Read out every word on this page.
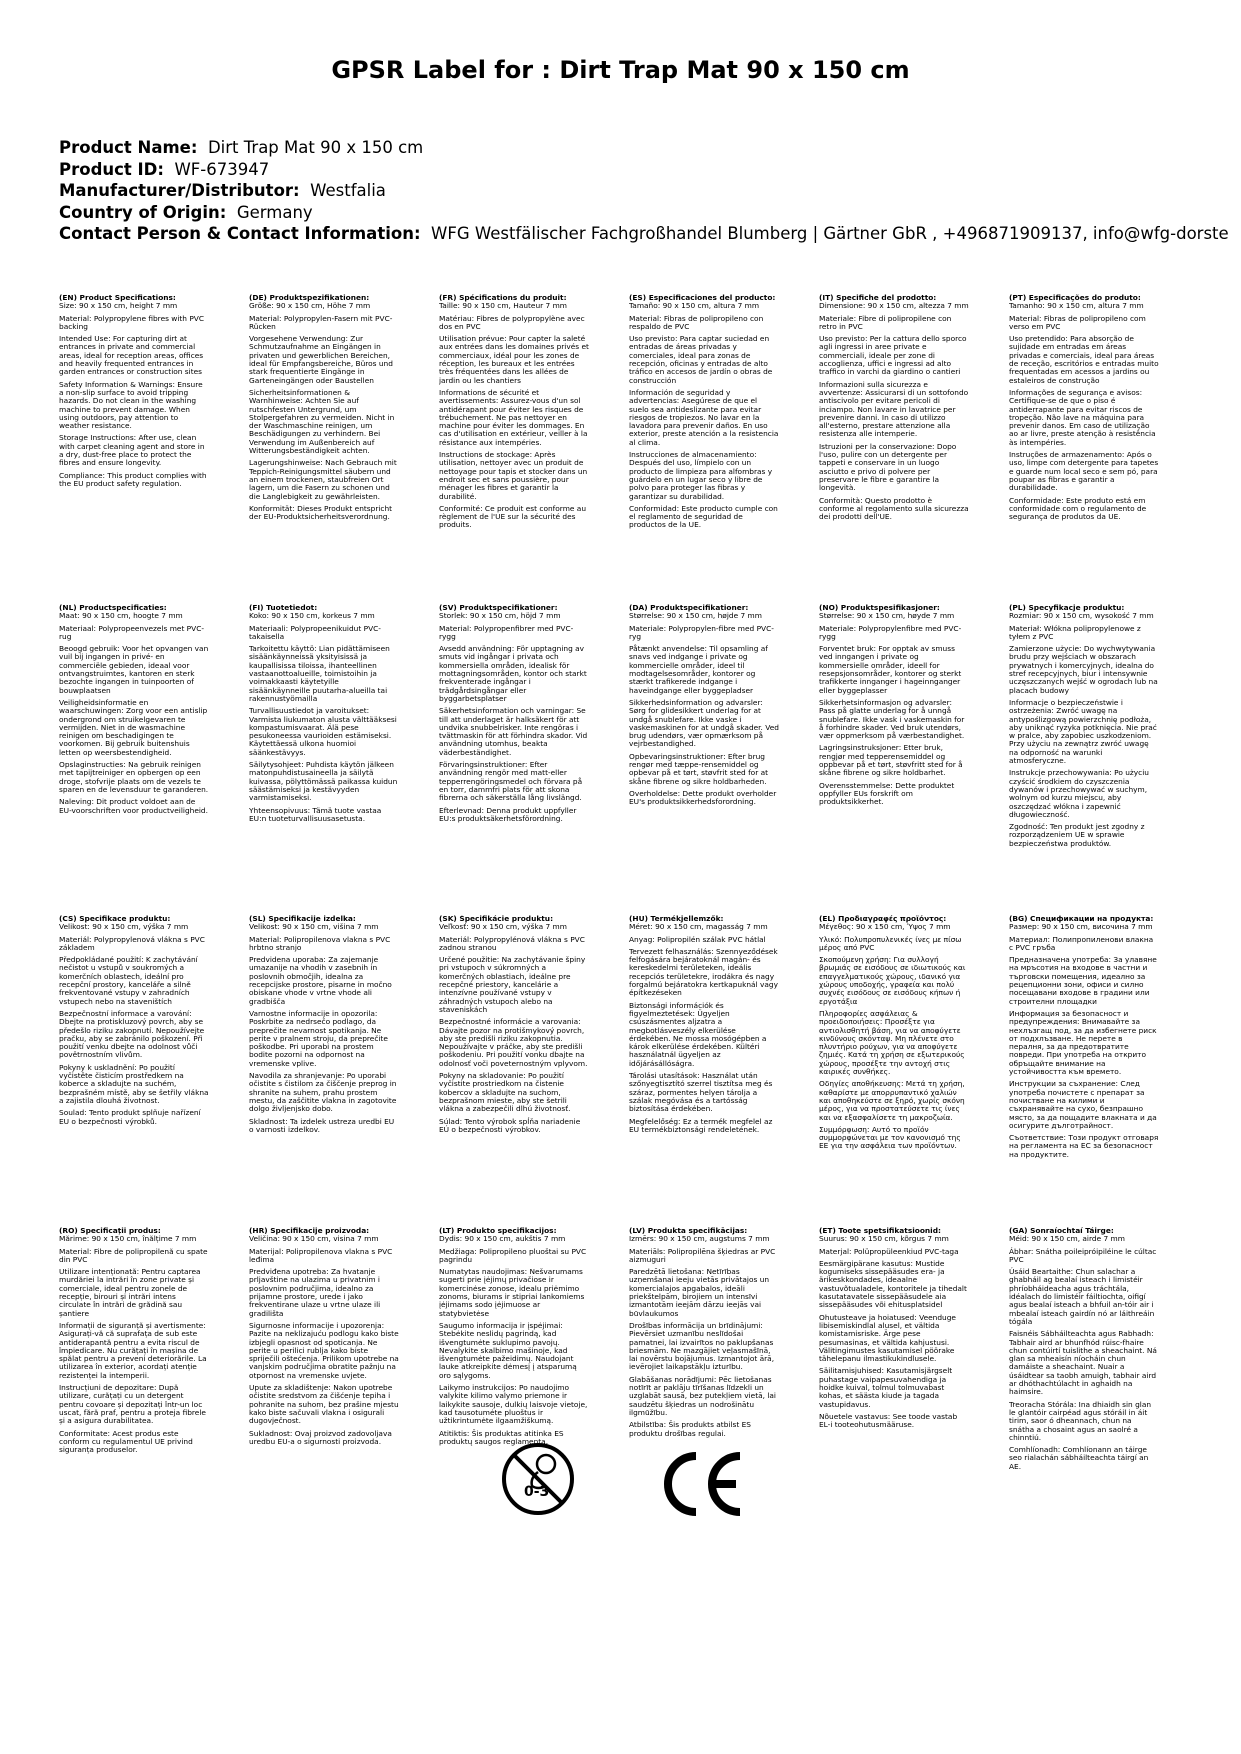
GPSR Label for : Dirt Trap Mat 90 x 150 cm
Product Name: Dirt Trap Mat 90 x 150 cm
Product ID: WF-673947
Manufacturer/Distributor: Westfalia
Country of Origin: Germany
Contact Person & Contact Information: WFG Westfälischer Fachgroßhandel Blumberg | Gärtner GbR , +496871909137, info@wfg-dorste
(EN) Product Specifications:

Size: 90 x 150 cm, height 7 mm

Material: Polypropylene fibres with PVC backing

Intended Use: For capturing dirt at entrances in private and commercial areas, ideal for reception areas, offices and heavily frequented entrances in garden entrances or construction sites

Safety Information & Warnings: Ensure a non-slip surface to avoid tripping hazards. Do not clean in the washing machine to prevent damage. When using outdoors, pay attention to weather resistance.

Storage Instructions: After use, clean with carpet cleaning agent and store in a dry, dust-free place to protect the fibres and ensure longevity.

Compliance: This product complies with the EU product safety regulation.

(DE) Produktspezifikationen:

Größe: 90 x 150 cm, Höhe 7 mm

Material: Polypropylen-Fasern mit PVC-Rücken

Vorgesehene Verwendung: Zur Schmutzaufnahme an Eingängen in privaten und gewerblichen Bereichen, ideal für Empfangsbereiche, Büros und stark frequentierte Eingänge in Garteneingängen oder Baustellen

Sicherheitsinformationen & Warnhinweise: Achten Sie auf rutschfesten Untergrund, um Stolpergefahren zu vermeiden. Nicht in der Waschmaschine reinigen, um Beschädigungen zu verhindern. Bei Verwendung im Außenbereich auf Witterungsbeständigkeit achten.

Lagerungshinweise: Nach Gebrauch mit Teppich-Reinigungsmittel säubern und an einem trockenen, staubfreien Ort lagern, um die Fasern zu schonen und die Langlebigkeit zu gewährleisten.

Konformität: Dieses Produkt entspricht der EU-Produktsicherheitsverordnung.

(FR) Spécifications du produit:

Taille: 90 x 150 cm, Hauteur 7 mm

Matériau: Fibres de polypropylène avec dos en PVC

Utilisation prévue: Pour capter la saleté aux entrées dans les domaines privés et commerciaux, idéal pour les zones de réception, les bureaux et les entrées très fréquentées dans les allées de jardin ou les chantiers

Informations de sécurité et avertissements: Assurez-vous d'un sol antidérapant pour éviter les risques de trébuchement. Ne pas nettoyer en machine pour éviter les dommages. En cas d'utilisation en extérieur, veiller à la résistance aux intempéries.

Instructions de stockage: Après utilisation, nettoyer avec un produit de nettoyage pour tapis et stocker dans un endroit sec et sans poussière, pour ménager les fibres et garantir la durabilité.

Conformité: Ce produit est conforme au règlement de l'UE sur la sécurité des produits.

(ES) Especificaciones del producto:

Tamaño: 90 x 150 cm, altura 7 mm

Material: Fibras de polipropileno con respaldo de PVC

Uso previsto: Para captar suciedad en entradas de áreas privadas y comerciales, ideal para zonas de recepción, oficinas y entradas de alto tráfico en accesos de jardín o obras de construcción

Información de seguridad y advertencias: Asegúrese de que el suelo sea antideslizante para evitar riesgos de tropiezos. No lavar en la lavadora para prevenir daños. En uso exterior, preste atención a la resistencia al clima.

Instrucciones de almacenamiento: Después del uso, límpielo con un producto de limpieza para alfombras y guárdelo en un lugar seco y libre de polvo para proteger las fibras y garantizar su durabilidad.

Conformidad: Este producto cumple con el reglamento de seguridad de productos de la UE.

(IT) Specifiche del prodotto:

Dimensione: 90 x 150 cm, altezza 7 mm

Materiale: Fibre di polipropilene con retro in PVC

Uso previsto: Per la cattura dello sporco agli ingressi in aree private e commerciali, ideale per zone di accoglienza, uffici e ingressi ad alto traffico in varchi da giardino o cantieri

Informazioni sulla sicurezza e avvertenze: Assicurarsi di un sottofondo antiscivolo per evitare pericoli di inciampo. Non lavare in lavatrice per prevenire danni. In caso di utilizzo all'esterno, prestare attenzione alla resistenza alle intemperie.

Istruzioni per la conservazione: Dopo l'uso, pulire con un detergente per tappeti e conservare in un luogo asciutto e privo di polvere per preservare le fibre e garantire la longevità.

Conformità: Questo prodotto è conforme al regolamento sulla sicurezza dei prodotti dell'UE.

(PT) Especificações do produto:

Tamanho: 90 x 150 cm, altura 7 mm

Material: Fibras de polipropileno com verso em PVC

Uso pretendido: Para absorção de sujidade em entradas em áreas privadas e comerciais, ideal para áreas de receção, escritórios e entradas muito frequentadas em acessos a jardins ou estaleiros de construção

Informações de segurança e avisos: Certifique-se de que o piso é antiderrapante para evitar riscos de tropeção. Não lave na máquina para prevenir danos. Em caso de utilização ao ar livre, preste atenção à resistência às intempéries.

Instruções de armazenamento: Após o uso, limpe com detergente para tapetes e guarde num local seco e sem pó, para poupar as fibras e garantir a durabilidade.

Conformidade: Este produto está em conformidade com o regulamento de segurança de produtos da UE.

(NL) Productspecificaties:

Maat: 90 x 150 cm, hoogte 7 mm

Materiaal: Polypropeenvezels met PVC-rug

Beoogd gebruik: Voor het opvangen van vuil bij ingangen in privé- en commerciële gebieden, ideaal voor ontvangstruimtes, kantoren en sterk bezochte ingangen in tuinpoorten of bouwplaatsen

Veiligheidsinformatie en waarschuwingen: Zorg voor een antislip ondergrond om struikelgevaren te vermijden. Niet in de wasmachine reinigen om beschadigingen te voorkomen. Bij gebruik buitenshuis letten op weersbestendigheid.

Opslaginstructies: Na gebruik reinigen met tapijtreiniger en opbergen op een droge, stofvrije plaats om de vezels te sparen en de levensduur te garanderen.

Naleving: Dit product voldoet aan de EU-voorschriften voor productveiligheid.

(FI) Tuotetiedot:

Koko: 90 x 150 cm, korkeus 7 mm

Materiaali: Polypropeenikuidut PVC-takaisella

Tarkoitettu käyttö: Lian pidättämiseen sisäänkäynneissä yksityisissä ja kaupallisissa tiloissa, ihanteellinen vastaanottoalueille, toimistoihin ja voimakkaasti käytetyille sisäänkäynneille puutarha-alueilla tai rakennustyömailla

Turvallisuustiedot ja varoitukset: Varmista liukumaton alusta välttääksesi kompastumisvaarat. Älä pese pesukoneessa vaurioiden estämiseksi. Käytettäessä ulkona huomioi säänkestävyys.

Säilytysohjeet: Puhdista käytön jälkeen matonpuhdistusaineella ja säilytä kuivassa, pölyttömässä paikassa kuidun säästämiseksi ja kestävyyden varmistamiseksi.

Yhteensopivuus: Tämä tuote vastaa EU:n tuoteturvallisuusasetusta.

(SV) Produktspecifikationer:

Storlek: 90 x 150 cm, höjd 7 mm

Material: Polypropenfibrer med PVC-rygg

Avsedd användning: För upptagning av smuts vid ingångar i privata och kommersiella områden, idealisk för mottagningsområden, kontor och starkt frekventerade ingångar i trädgårdsingångar eller byggarbetsplatser

Säkerhetsinformation och varningar: Se till att underlaget är halksäkert för att undvika snubbelrisker. Inte rengöras i tvättmaskin för att förhindra skador. Vid användning utomhus, beakta väderbeständighet.

Förvaringsinstruktioner: Efter användning rengör med matt-eller tepperrengöringsmedel och förvara på en torr, dammfri plats för att skona fibrerna och säkerställa lång livslängd.

Efterlevnad: Denna produkt uppfyller EU:s produktsäkerhetsförordning.

(DA) Produktspecifikationer:

Størrelse: 90 x 150 cm, højde 7 mm

Materiale: Polypropylen-fibre med PVC-ryg

Påtænkt anvendelse: Til opsamling af snavs ved indgange i private og kommercielle områder, ideel til modtagelsesområder, kontorer og stærkt trafikerede indgange i haveindgange eller byggepladser

Sikkerhedsinformation og advarsler: Sørg for glidesikkert underlag for at undgå snublefare. Ikke vaske i vaskemaskinen for at undgå skader. Ved brug udendørs, vær opmærksom på vejrbestandighed.

Opbevaringsinstruktioner: Efter brug rengør med tæppe-rensemiddel og opbevar på et tørt, støvfrit sted for at skåne fibrene og sikre holdbarheden.

Overholdelse: Dette produkt overholder EU's produktsikkerhedsforordning.

(NO) Produktspesifikasjoner:

Størrelse: 90 x 150 cm, høyde 7 mm

Materiale: Polypropylenfibre med PVC-rygg

Forventet bruk: For opptak av smuss ved inngangen i private og kommersielle områder, ideell for resepsjonsområder, kontorer og sterkt trafikkerte innganger i hageinnganger eller byggeplasser

Sikkerhetsinformasjon og advarsler: Pass på glatte underlag for å unngå snublefare. Ikke vask i vaskemaskin for å forhindre skader. Ved bruk utendørs, vær oppmerksom på værbestandighet.

Lagringsinstruksjoner: Etter bruk, rengjør med tepperensemiddel og oppbevar på et tørt, støvfritt sted for å skåne fibrene og sikre holdbarhet.

Overensstemmelse: Dette produktet oppfyller EUs forskrift om produktsikkerhet.

(PL) Specyfikacje produktu:

Rozmiar: 90 x 150 cm, wysokość 7 mm

Materiał: Włókna polipropylenowe z tyłem z PVC

Zamierzone użycie: Do wychwytywania brudu przy wejściach w obszarach prywatnych i komercyjnych, idealna do stref recepcyjnych, biur i intensywnie uczęszczanych wejść w ogrodach lub na placach budowy

Informacje o bezpieczeństwie i ostrzeżenia: Zwróć uwagę na antypoślizgową powierzchnię podłoża, aby uniknąć ryzyka potknięcia. Nie prać w pralce, aby zapobiec uszkodzeniom. Przy użyciu na zewnątrz zwróć uwagę na odporność na warunki atmosferyczne.

Instrukcje przechowywania: Po użyciu czyścić środkiem do czyszczenia dywanów i przechowywać w suchym, wolnym od kurzu miejscu, aby oszczędzać włókna i zapewnić długowieczność.

Zgodność: Ten produkt jest zgodny z rozporządzeniem UE w sprawie bezpieczeństwa produktów.

(CS) Specifikace produktu:

Velikost: 90 x 150 cm, výška 7 mm

Materiál: Polypropylenová vlákna s PVC základem

Předpokládané použití: K zachytávání nečistot u vstupů v soukromých a komerčních oblastech, ideální pro recepční prostory, kanceláře a silně frekventované vstupy v zahradních vstupech nebo na staveništích

Bezpečnostní informace a varování: Dbejte na protiskluzový povrch, aby se předešlo riziku zakopnutí. Nepoužívejte pračku, aby se zabránilo poškození. Při použití venku dbejte na odolnost vůči povětrnostním vlivům.

Pokyny k uskladnění: Po použití vyčistěte čisticím prostředkem na koberce a skladujte na suchém, bezprašném místě, aby se šetřily vlákna a zajistila dlouhá životnost.

Soulad: Tento produkt splňuje nařízení EU o bezpečnosti výrobků.

(SL) Specifikacije izdelka:

Velikost: 90 x 150 cm, višina 7 mm

Material: Polipropilenova vlakna s PVC hrbtno stranjo

Predvidena uporaba: Za zajemanje umazanije na vhodih v zasebnih in poslovnih območjih, idealna za recepcijske prostore, pisarne in močno obiskane vhode v vrtne vhode ali gradbišča

Varnostne informacije in opozorila: Poskrbite za nedrsečo podlago, da preprečite nevarnost spotikanja. Ne perite v pralnem stroju, da preprečite poškodbe. Pri uporabi na prostem bodite pozorni na odpornost na vremenske vplive.

Navodila za shranjevanje: Po uporabi očistite s čistilom za čiščenje preprog in shranite na suhem, prahu prostem mestu, da zaščitite vlakna in zagotovite dolgo življenjsko dobo.

Skladnost: Ta izdelek ustreza uredbi EU o varnosti izdelkov.

(SK) Špecifikácie produktu:

Veľkosť: 90 x 150 cm, výška 7 mm

Materiál: Polypropylénová vlákna s PVC zadnou stranou

Určené použitie: Na zachytávanie špiny pri vstupoch v súkromných a komerčných oblastiach, ideálne pre recepčné priestory, kancelárie a intenzívne používané vstupy v záhradných vstupoch alebo na staveniskách

Bezpečnostné informácie a varovania: Dávajte pozor na protišmykový povrch, aby ste predišli riziku zakopnutia. Nepoužívajte v práčke, aby ste predišli poškodeniu. Pri použití vonku dbajte na odolnosť voči poveternostným vplyvom.

Pokyny na skladovanie: Po použití vyčistite prostriedkom na čistenie kobercov a skladujte na suchom, bezprašnom mieste, aby ste šetrili vlákna a zabezpečili dlhú životnosť.

Súlad: Tento výrobok spĺňa nariadenie EÚ o bezpečnosti výrobkov.

(HU) Termékjellemzők:

Méret: 90 x 150 cm, magasság 7 mm

Anyag: Polipropilén szálak PVC hátlal

Tervezett felhasználás: Szennyeződések felfogására bejáratoknál magán- és kereskedelmi területeken, ideális recepciós területekre, irodákra és nagy forgalmú bejáratokra kertkapuknál vagy építkezéseken

Biztonsági információk és figyelmeztetések: Ügyeljen csúszásmentes aljzatra a megbotlásveszély elkerülése érdekében. Ne mossa mosógépben a károk elkerülése érdekében. Kültéri használatnál ügyeljen az időjárásállóságra.

Tárolási utasítások: Használat után szőnyegtisztító szerrel tisztítsa meg és száraz, pormentes helyen tárolja a szálak megóvása és a tartósság biztosítása érdekében.

Megfelelőség: Ez a termék megfelel az EU termékbiztonsági rendeletének.

(EL) Προδιαγραφές προϊόντος:

Μέγεθος: 90 x 150 cm, Ύψος 7 mm

Υλικό: Πολυπροπυλενικές ίνες με πίσω μέρος από PVC

Σκοπούμενη χρήση: Για συλλογή βρωμιάς σε εισόδους σε ιδιωτικούς και επαγγελματικούς χώρους, ιδανικό για χώρους υποδοχής, γραφεία και πολύ συχνές εισόδους σε εισόδους κήπων ή εργοτάξια

Πληροφορίες ασφάλειας & προειδοποιήσεις: Προσέξτε για αντιολισθητή βάση, για να αποφύγετε κινδύνους σκόνταψ. Μη πλένετε στο πλυντήριο ρούχων, για να αποφύγετε ζημιές. Κατά τη χρήση σε εξωτερικούς χώρους, προσέξτε την αντοχή στις καιρικές συνθήκες.

Οδηγίες αποθήκευσης: Μετά τη χρήση, καθαρίστε με απορρυπαντικό χαλιών και αποθηκεύστε σε ξηρό, χωρίς σκόνη μέρος, για να προστατεύσετε τις ίνες και να εξασφαλίσετε τη μακροζωία.

Συμμόρφωση: Αυτό το προϊόν συμμορφώνεται με τον κανονισμό της ΕΕ για την ασφάλεια των προϊόντων.

(BG) Спецификации на продукта:

Размер: 90 x 150 cm, височина 7 mm

Материал: Полипропиленови влакна с PVC гръба

Предназначена употреба: За улавяне на мръсотия на входове в частни и търговски помещения, идеално за рецепционни зони, офиси и силно посещавани входове в градини или строителни площадки

Информация за безопасност и предупреждения: Внимавайте за нехлъзгащ под, за да избегнете риск от подхлъзване. Не перете в пералня, за да предотвратите повреди. При употреба на открито обръщайте внимание на устойчивостта към времето.

Инструкции за съхранение: След употреба почистете с препарат за почистване на килими и съхранявайте на сухо, безпрашно място, за да пощадите влакната и да осигурите дълготрайност.

Съответствие: Този продукт отговаря на регламента на ЕС за безопасност на продуктите.

(RO) Specificații produs:

Mărime: 90 x 150 cm, înălțime 7 mm

Material: Fibre de polipropilenă cu spate din PVC

Utilizare intenționată: Pentru captarea murdăriei la intrări în zone private și comerciale, ideal pentru zonele de recepție, birouri și intrări intens circulate în intrări de grădină sau șantiere

Informații de siguranță și avertismente: Asigurați-vă că suprafața de sub este antiderapantă pentru a evita riscul de împiedicare. Nu curățați în mașina de spălat pentru a preveni deteriorările. La utilizarea în exterior, acordați atenție rezistenței la intemperii.

Instrucțiuni de depozitare: După utilizare, curățați cu un detergent pentru covoare și depozitați într-un loc uscat, fără praf, pentru a proteja fibrele și a asigura durabilitatea.

Conformitate: Acest produs este conform cu regulamentul UE privind siguranța produselor.

(HR) Specifikacije proizvoda:

Veličina: 90 x 150 cm, visina 7 mm

Materijal: Polipropilenova vlakna s PVC leđima

Predviđena upotreba: Za hvatanje prljavštine na ulazima u privatnim i poslovnim područjima, idealno za prijamne prostore, urede i jako frekventirane ulaze u vrtne ulaze ili gradilišta

Sigurnosne informacije i upozorenja: Pazite na neklizajuću podlogu kako biste izbjegli opasnost od spoticanja. Ne perite u perilici rublja kako biste spriječili oštećenja. Prilikom upotrebe na vanjskim područjima obratite pažnju na otpornost na vremenske uvjete.

Upute za skladištenje: Nakon upotrebe očistite sredstvom za čišćenje tepiha i pohranite na suhom, bez prašine mjestu kako biste sačuvali vlakna i osigurali dugovječnost.

Sukladnost: Ovaj proizvod zadovoljava uredbu EU-a o sigurnosti proizvoda.

(LT) Produkto specifikacijos:

Dydis: 90 x 150 cm, aukštis 7 mm

Medžiaga: Polipropileno pluoštai su PVC pagrindu

Numatytas naudojimas: Nešvarumams sugerti prie įėjimų privačiose ir komercinėse zonose, idealu priėmimo zonoms, biurams ir stipriai lankomiems įėjimams sodo įėjimuose ar statybvietėse

Saugumo informacija ir įspėjimai: Stebėkite neslidų pagrindą, kad išvengtumėte suklupimo pavojų. Nevalykite skalbimo mašinoje, kad išvengtumėte pažeidimų. Naudojant lauke atkreipkite dėmesį į atsparumą oro sąlygoms.

Laikymo instrukcijos: Po naudojimo valykite kilimo valymo priemone ir laikykite sausoje, dulkių laisvoje vietoje, kad tausotumėte pluoštus ir užtikrintumėte ilgaamžiškumą.

Atitiktis: Šis produktas atitinka ES produktų saugos reglamentą.

(LV) Produkta specifikācijas:

Izmērs: 90 x 150 cm, augstums 7 mm

Materiāls: Polipropilēna šķiedras ar PVC aizmuguri

Paredzētā lietošana: Netīrības uzņemšanai ieeju vietās privātajos un komercialajos apgabalos, ideāli priekštelpām, birojiem un intensīvi izmantotām ieejām dārzu ieejās vai būvlaukumos

Drošības informācija un brīdinājumi: Pievērsiet uzmanību neslīdošai pamatnei, lai izvairītos no paklupšanas briesmām. Ne mazgājiet veļasmašīnā, lai novērstu bojājumus. Izmantojot ārā, ievērojiet laikapstākļu izturību.

Glabāšanas norādījumi: Pēc lietošanas notīrīt ar paklāju tīrīšanas līdzekli un uzglabāt sausā, bez putekļiem vietā, lai saudzētu šķiedras un nodrošinātu ilgmūžību.

Atbilstība: Šis produkts atbilst ES produktu drošības regulai.

(ET) Toote spetsifikatsioonid:

Suurus: 90 x 150 cm, kõrgus 7 mm

Materjal: Polüpropüleenkiud PVC-taga

Eesmärgipärane kasutus: Mustide kogumiseks sissepääsudes era- ja ärikeskkondades, ideaalne vastuvõtualadele, kontoritele ja tihedalt kasutatavatele sissepääsudele aia sissepääsudes või ehitusplatsidel

Ohutusteave ja hoiatused: Veenduge libisemiskindlal alusel, et vältida komistamisriske. Ärge pese pesumasinas, et vältida kahjustusi. Välitingimustes kasutamisel pöörake tähelepanu ilmastikukindlusele.

Säilitamisjuhised: Kasutamisjärgselt puhastage vaipapesuvahendiga ja hoidke kuival, tolmul tolmuvabast kohas, et säästa kiude ja tagada vastupidavus.

Nõuetele vastavus: See toode vastab EL-i tooteohutusmääruse.

(GA) Sonraíochtaí Táirge:

Méid: 90 x 150 cm, airde 7 mm

Ábhar: Snátha poileipróipiléine le cúltac PVC

Úsáid Beartaithe: Chun salachar a ghabháil ag bealaí isteach i limistéir phríobháideacha agus tráchtála, idéalach do limistéir fáiltiochta, oifigí agus bealaí isteach a bhfuil an-tóir air i mbealaí isteach gairdín nó ar láithreáin tógála

Faisnéis Sábháilteachta agus Rabhadh: Tabhair aird ar bhunfhód rúisc-fhaire chun contúirtí tuislithe a sheachaint. Ná glan sa mheaisín níocháin chun damáiste a sheachaint. Nuair a úsáidtear sa taobh amuigh, tabhair aird ar dhóthachtúlacht in aghaidh na haimsire.

Treoracha Stórála: Ina dhiaidh sin glan le glantóir cairpéad agus stóráil in áit tirim, saor ó dheannach, chun na snátha a chosaint agus an saolré a chinntiú.

Comhlíonadh: Comhlíonann an táirge seo rialachán sábháilteachta táirgí an AE.

0-3
